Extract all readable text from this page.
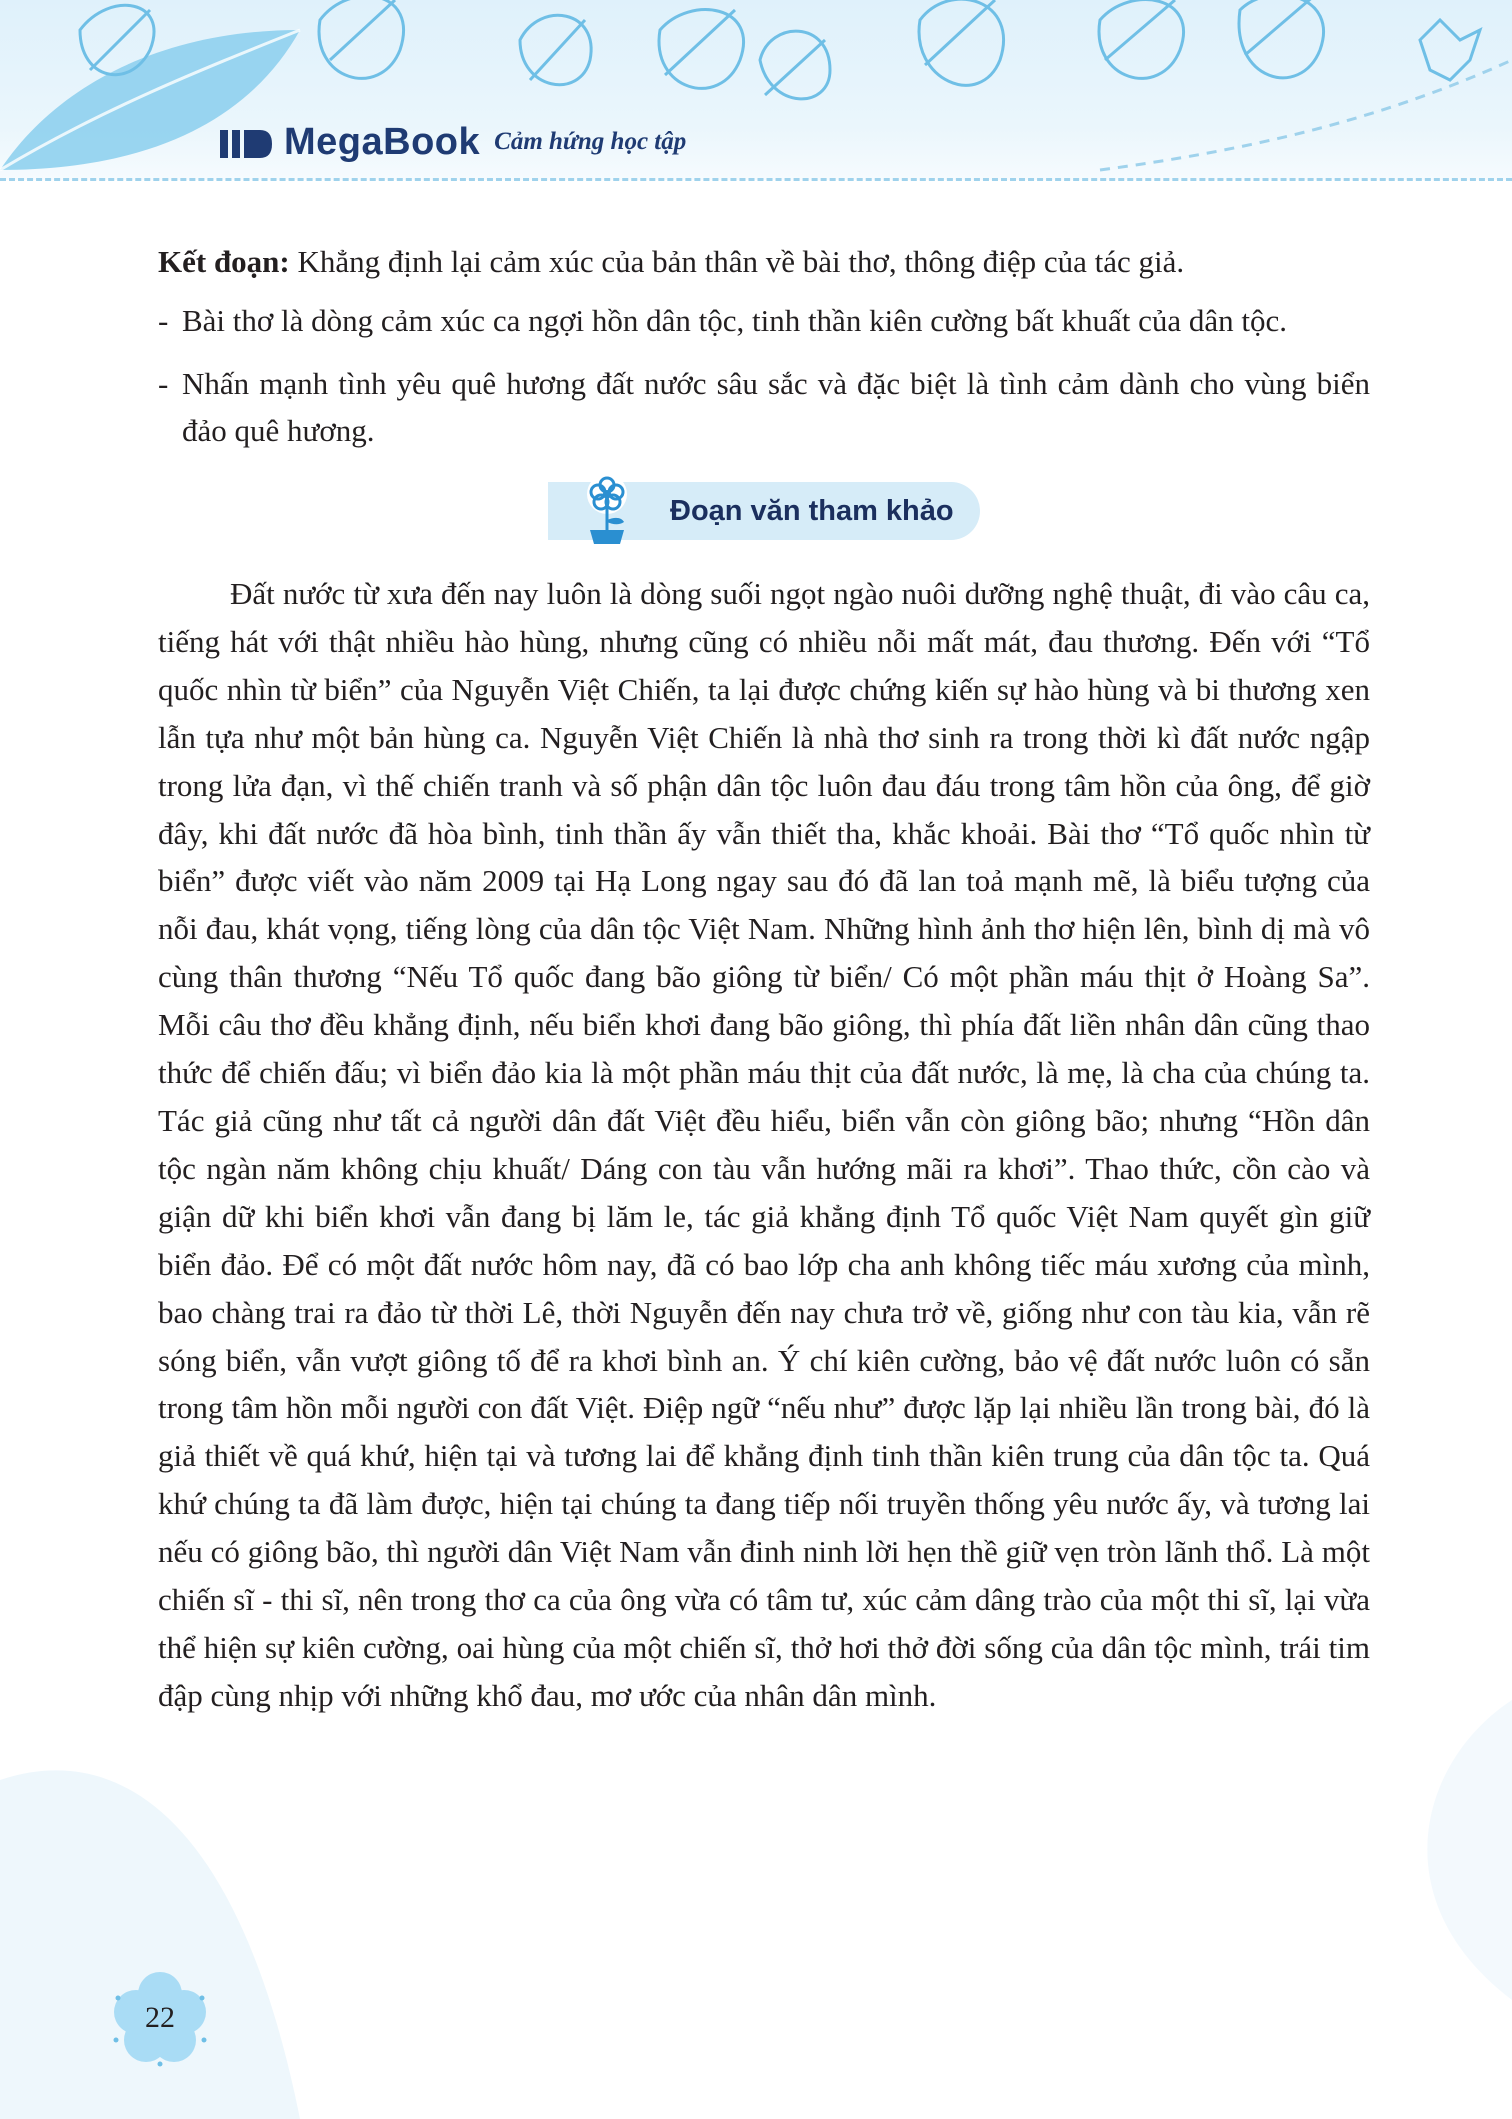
MegaBook Cảm hứng học tập

Kết đoạn: Khẳng định lại cảm xúc của bản thân về bài thơ, thông điệp của tác giả.

- Bài thơ là dòng cảm xúc ca ngợi hồn dân tộc, tinh thần kiên cường bất khuất của dân tộc.
- Nhấn mạnh tình yêu quê hương đất nước sâu sắc và đặc biệt là tình cảm dành cho vùng biển đảo quê hương.
Đoạn văn tham khảo

Đất nước từ xưa đến nay luôn là dòng suối ngọt ngào nuôi dưỡng nghệ thuật, đi vào câu ca, tiếng hát với thật nhiều hào hùng, nhưng cũng có nhiều nỗi mất mát, đau thương. Đến với “Tổ quốc nhìn từ biển” của Nguyễn Việt Chiến, ta lại được chứng kiến sự hào hùng và bi thương xen lẫn tựa như một bản hùng ca. Nguyễn Việt Chiến là nhà thơ sinh ra trong thời kì đất nước ngập trong lửa đạn, vì thế chiến tranh và số phận dân tộc luôn đau đáu trong tâm hồn của ông, để giờ đây, khi đất nước đã hòa bình, tinh thần ấy vẫn thiết tha, khắc khoải. Bài thơ “Tổ quốc nhìn từ biển” được viết vào năm 2009 tại Hạ Long ngay sau đó đã lan toả mạnh mẽ, là biểu tượng của nỗi đau, khát vọng, tiếng lòng của dân tộc Việt Nam. Những hình ảnh thơ hiện lên, bình dị mà vô cùng thân thương “Nếu Tổ quốc đang bão giông từ biển/ Có một phần máu thịt ở Hoàng Sa”. Mỗi câu thơ đều khẳng định, nếu biển khơi đang bão giông, thì phía đất liền nhân dân cũng thao thức để chiến đấu; vì biển đảo kia là một phần máu thịt của đất nước, là mẹ, là cha của chúng ta. Tác giả cũng như tất cả người dân đất Việt đều hiểu, biển vẫn còn giông bão; nhưng “Hồn dân tộc ngàn năm không chịu khuất/ Dáng con tàu vẫn hướng mãi ra khơi”. Thao thức, cồn cào và giận dữ khi biển khơi vẫn đang bị lăm le, tác giả khẳng định Tổ quốc Việt Nam quyết gìn giữ biển đảo. Để có một đất nước hôm nay, đã có bao lớp cha anh không tiếc máu xương của mình, bao chàng trai ra đảo từ thời Lê, thời Nguyễn đến nay chưa trở về, giống như con tàu kia, vẫn rẽ sóng biển, vẫn vượt giông tố để ra khơi bình an. Ý chí kiên cường, bảo vệ đất nước luôn có sẵn trong tâm hồn mỗi người con đất Việt. Điệp ngữ “nếu như” được lặp lại nhiều lần trong bài, đó là giả thiết về quá khứ, hiện tại và tương lai để khẳng định tinh thần kiên trung của dân tộc ta. Quá khứ chúng ta đã làm được, hiện tại chúng ta đang tiếp nối truyền thống yêu nước ấy, và tương lai nếu có giông bão, thì người dân Việt Nam vẫn đinh ninh lời hẹn thề giữ vẹn tròn lãnh thổ. Là một chiến sĩ - thi sĩ, nên trong thơ ca của ông vừa có tâm tư, xúc cảm dâng trào của một thi sĩ, lại vừa thể hiện sự kiên cường, oai hùng của một chiến sĩ, thở hơi thở đời sống của dân tộc mình, trái tim đập cùng nhịp với những khổ đau, mơ ước của nhân dân mình.

22
